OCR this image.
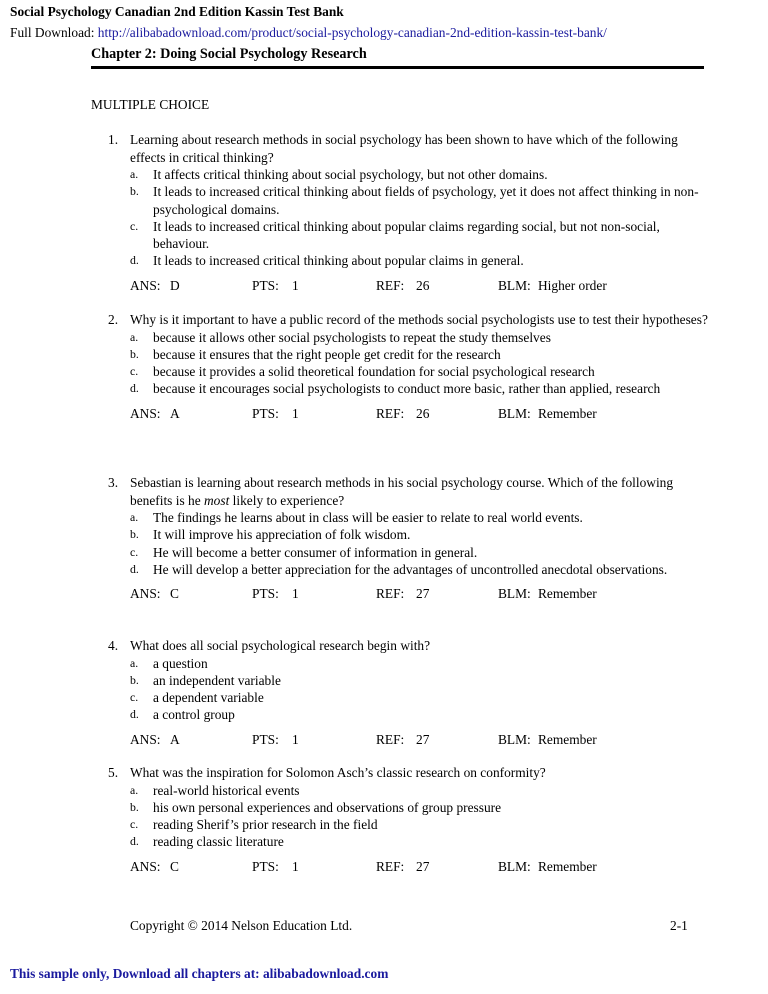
Social Psychology Canadian 2nd Edition Kassin Test Bank
Full Download: http://alibabadownload.com/product/social-psychology-canadian-2nd-edition-kassin-test-bank/
Chapter 2: Doing Social Psychology Research
MULTIPLE CHOICE
1 . Learning about research methods in social psychology has been shown to have which of the following effects in critical thinking?
a . It affects critical thinking about social psychology, but not other domains.
b . It leads to increased critical thinking about fields of psychology, yet it does not affect thinking in non-psychological domains.
c . It leads to increased critical thinking about popular claims regarding social, but not non-social, behaviour.
d . It leads to increased critical thinking about popular claims in general.
ANS: D	PTS: 1	REF: 26	BLM: Higher order
2 . Why is it important to have a public record of the methods social psychologists use to test their hypotheses?
a . because it allows other social psychologists to repeat the study themselves
b . because it ensures that the right people get credit for the research
c . because it provides a solid theoretical foundation for social psychological research
d . because it encourages social psychologists to conduct more basic, rather than applied, research
ANS: A	PTS: 1	REF: 26	BLM: Remember
3 . Sebastian is learning about research methods in his social psychology course. Which of the following benefits is he most likely to experience?
a . The findings he learns about in class will be easier to relate to real world events.
b . It will improve his appreciation of folk wisdom.
c . He will become a better consumer of information in general.
d . He will develop a better appreciation for the advantages of uncontrolled anecdotal observations.
ANS: C	PTS: 1	REF: 27	BLM: Remember
4 . What does all social psychological research begin with?
a . a question
b . an independent variable
c . a dependent variable
d . a control group
ANS: A	PTS: 1	REF: 27	BLM: Remember
5 . What was the inspiration for Solomon Asch’s classic research on conformity?
a . real-world historical events
b . his own personal experiences and observations of group pressure
c . reading Sherif’s prior research in the field
d . reading classic literature
ANS: C	PTS: 1	REF: 27	BLM: Remember
Copyright © 2014 Nelson Education Ltd.	2-1
This sample only, Download all chapters at: alibabadownload.com
